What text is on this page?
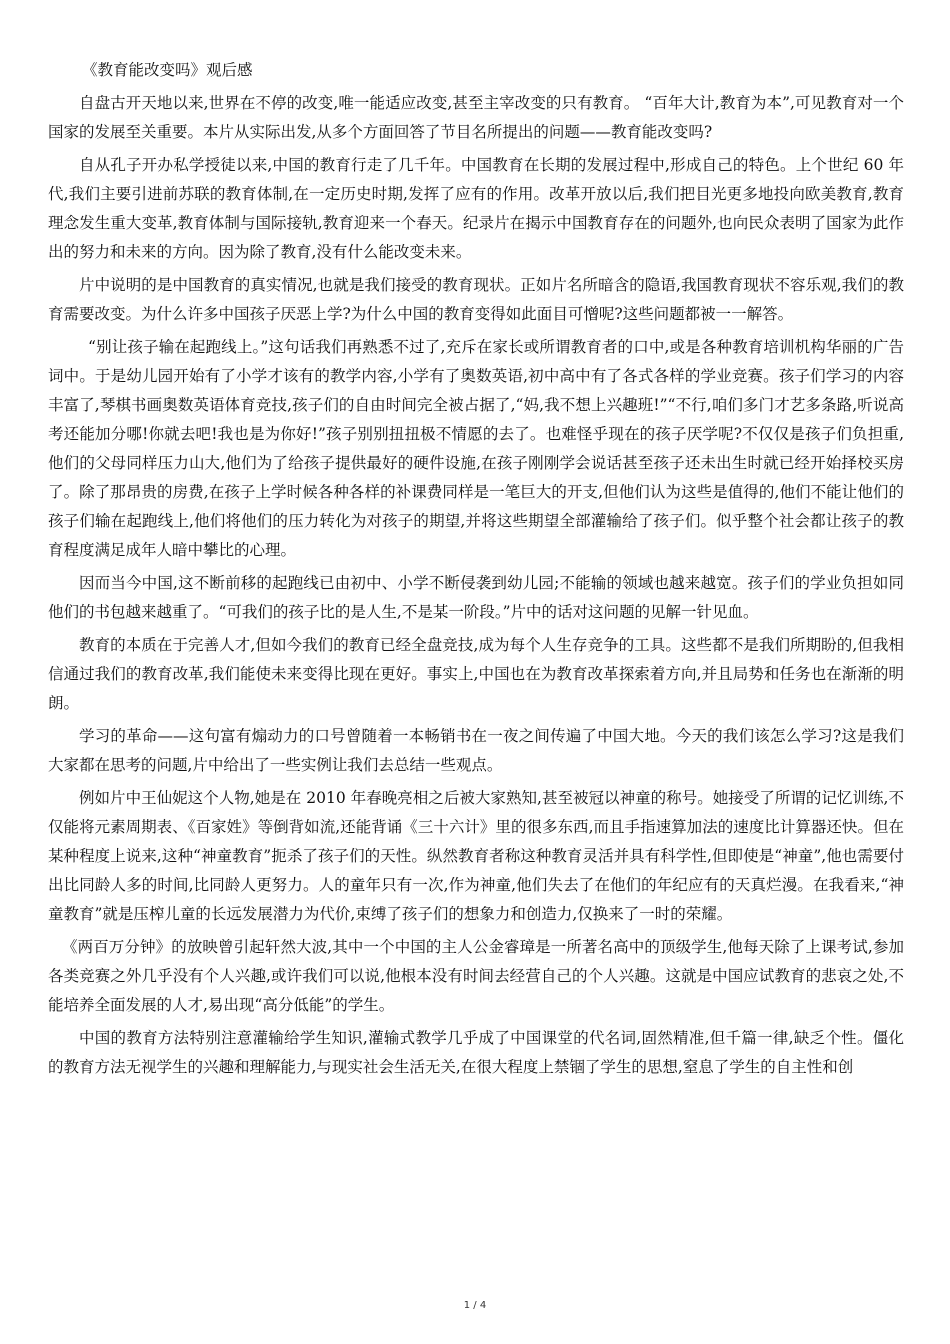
《教育能改变吗》观后感

自盘古开天地以来,世界在不停的改变,唯一能适应改变,甚至主宰改变的只有教育。 “百年大计,教育为本”,可见教育对一个国家的发展至关重要。本片从实际出发,从多个方面回答了节目名所提出的问题——教育能改变吗?

自从孔子开办私学授徒以来,中国的教育行走了几千年。中国教育在长期的发展过程中,形成自己的特色。上个世纪 60 年代,我们主要引进前苏联的教育体制,在一定历史时期,发挥了应有的作用。改革开放以后,我们把目光更多地投向欧美教育,教育理念发生重大变革,教育体制与国际接轨,教育迎来一个春天。纪录片在揭示中国教育存在的问题外,也向民众表明了国家为此作出的努力和未来的方向。因为除了教育,没有什么能改变未来。

片中说明的是中国教育的真实情况,也就是我们接受的教育现状。正如片名所暗含的隐语,我国教育现状不容乐观,我们的教育需要改变。为什么许多中国孩子厌恶上学?为什么中国的教育变得如此面目可憎呢?这些问题都被一一解答。

“别让孩子输在起跑线上。”这句话我们再熟悉不过了,充斥在家长或所谓教育者的口中,或是各种教育培训机构华丽的广告词中。于是幼儿园开始有了小学才该有的教学内容,小学有了奥数英语,初中高中有了各式各样的学业竞赛。孩子们学习的内容丰富了,琴棋书画奥数英语体育竞技,孩子们的自由时间完全被占据了,“妈,我不想上兴趣班!”“不行,咱们多门才艺多条路,听说高考还能加分哪!你就去吧!我也是为你好!”孩子别别扭扭极不情愿的去了。也难怪乎现在的孩子厌学呢?不仅仅是孩子们负担重,他们的父母同样压力山大,他们为了给孩子提供最好的硬件设施,在孩子刚刚学会说话甚至孩子还未出生时就已经开始择校买房了。除了那昂贵的房费,在孩子上学时候各种各样的补课费同样是一笔巨大的开支,但他们认为这些是值得的,他们不能让他们的孩子们输在起跑线上,他们将他们的压力转化为对孩子的期望,并将这些期望全部灌输给了孩子们。似乎整个社会都让孩子的教育程度满足成年人暗中攀比的心理。

因而当今中国,这不断前移的起跑线已由初中、小学不断侵袭到幼儿园;不能输的领域也越来越宽。孩子们的学业负担如同他们的书包越来越重了。“可我们的孩子比的是人生,不是某一阶段。”片中的话对这问题的见解一针见血。

教育的本质在于完善人才,但如今我们的教育已经全盘竞技,成为每个人生存竞争的工具。这些都不是我们所期盼的,但我相信通过我们的教育改革,我们能使未来变得比现在更好。事实上,中国也在为教育改革探索着方向,并且局势和任务也在渐渐的明朗。

学习的革命——这句富有煽动力的口号曾随着一本畅销书在一夜之间传遍了中国大地。今天的我们该怎么学习?这是我们大家都在思考的问题,片中给出了一些实例让我们去总结一些观点。

例如片中王仙妮这个人物,她是在 2010 年春晚亮相之后被大家熟知,甚至被冠以神童的称号。她接受了所谓的记忆训练,不仅能将元素周期表、《百家姓》等倒背如流,还能背诵《三十六计》里的很多东西,而且手指速算加法的速度比计算器还快。但在某种程度上说来,这种“神童教育”扼杀了孩子们的天性。纵然教育者称这种教育灵活并具有科学性,但即使是“神童”,他也需要付出比同龄人多的时间,比同龄人更努力。人的童年只有一次,作为神童,他们失去了在他们的年纪应有的天真烂漫。在我看来,“神童教育”就是压榨儿童的长远发展潜力为代价,束缚了孩子们的想象力和创造力,仅换来了一时的荣耀。

《两百万分钟》的放映曾引起轩然大波,其中一个中国的主人公金睿璋是一所著名高中的顶级学生,他每天除了上课考试,参加各类竞赛之外几乎没有个人兴趣,或许我们可以说,他根本没有时间去经营自己的个人兴趣。这就是中国应试教育的悲哀之处,不能培养全面发展的人才,易出现“高分低能”的学生。

中国的教育方法特别注意灌输给学生知识,灌输式教学几乎成了中国课堂的代名词,固然精准,但千篇一律,缺乏个性。僵化的教育方法无视学生的兴趣和理解能力,与现实社会生活无关,在很大程度上禁锢了学生的思想,窒息了学生的自主性和创

1 / 4
